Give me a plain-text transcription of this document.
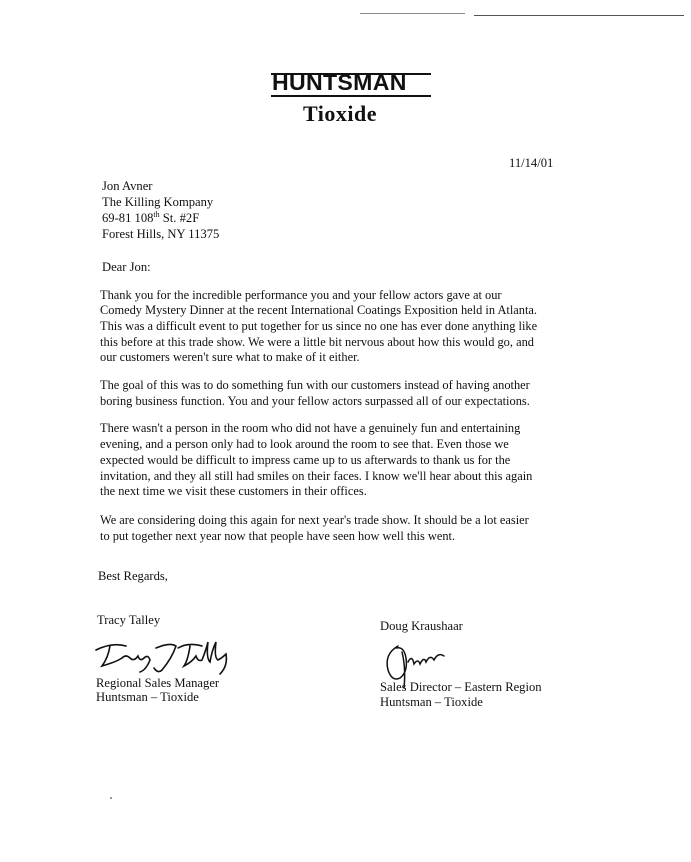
HUNTSMAN
Tioxide
11/14/01
Jon Avner
The Killing Kompany
69-81 108th St. #2F
Forest Hills, NY 11375
Dear Jon:
Thank you for the incredible performance you and your fellow actors gave at our
Comedy Mystery Dinner at the recent International Coatings Exposition held in Atlanta.
This was a difficult event to put together for us since no one has ever done anything like
this before at this trade show. We were a little bit nervous about how this would go, and
our customers weren't sure what to make of it either.
The goal of this was to do something fun with our customers instead of having another
boring business function. You and your fellow actors surpassed all of our expectations.
There wasn't a person in the room who did not have a genuinely fun and entertaining
evening, and a person only had to look around the room to see that. Even those we
expected would be difficult to impress came up to us afterwards to thank us for the
invitation, and they all still had smiles on their faces. I know we'll hear about this again
the next time we visit these customers in their offices.
We are considering doing this again for next year's trade show. It should be a lot easier
to put together next year now that people have seen how well this went.
Best Regards,
Tracy Talley
Regional Sales Manager
Huntsman – Tioxide
Doug Kraushaar
Sales Director – Eastern Region
Huntsman – Tioxide
